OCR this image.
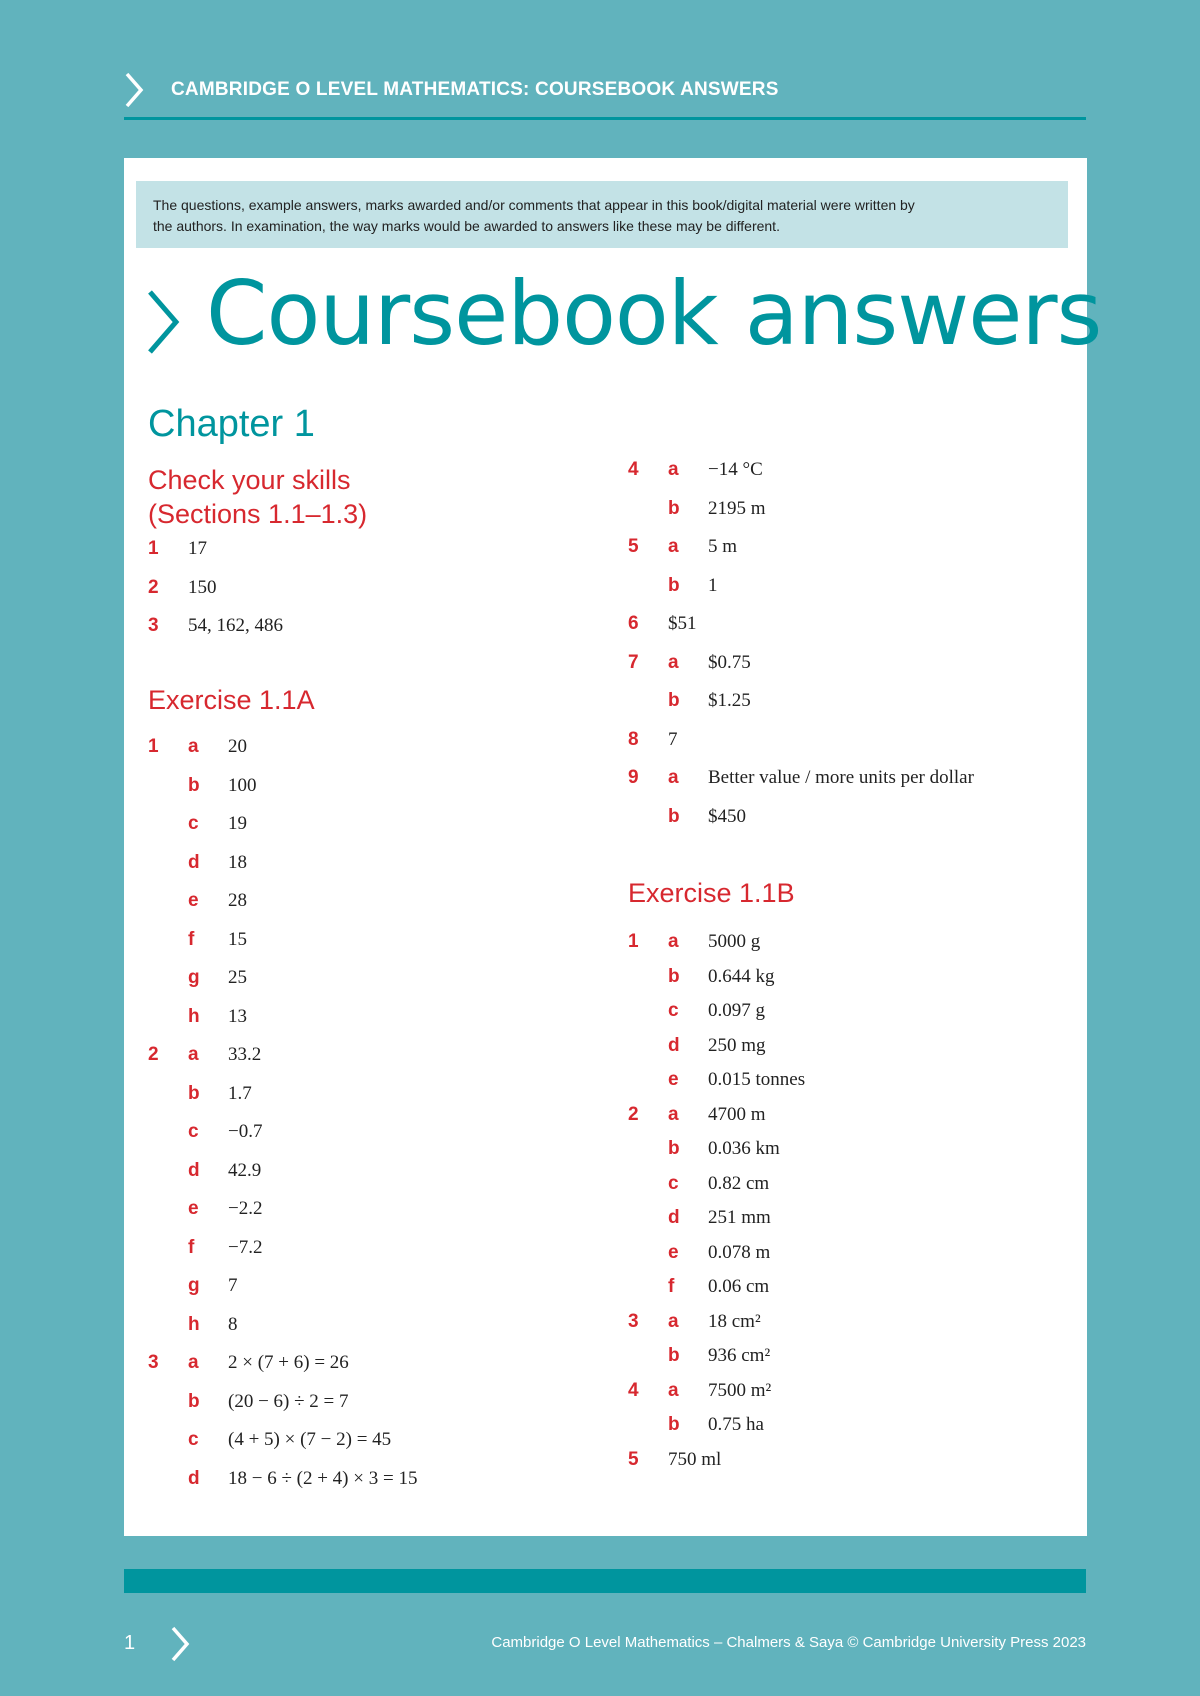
CAMBRIDGE O LEVEL MATHEMATICS: COURSEBOOK ANSWERS
The questions, example answers, marks awarded and/or comments that appear in this book/digital material were written by
the authors. In examination, the way marks would be awarded to answers like these may be different.
Coursebook answers
Chapter 1
Check your skills
(Sections 1.1–1.3)
1 17
2 150
3 54, 162, 486
Exercise 1.1A
1 a 20
b 100
c 19
d 18
e 28
f 15
g 25
h 13
2 a 33.2
b 1.7
c −0.7
d 42.9
e −2.2
f −7.2
g 7
h 8
3 a 2 × (7 + 6) = 26
b (20 − 6) ÷ 2 = 7
c (4 + 5) × (7 − 2) = 45
d 18 − 6 ÷ (2 + 4) × 3 = 15
4 a −14 °C
b 2195 m
5 a 5 m
b 1
6 $51
7 a $0.75
b $1.25
8 7
9 a Better value / more units per dollar
b $450
Exercise 1.1B
1 a 5000 g
b 0.644 kg
c 0.097 g
d 250 mg
e 0.015 tonnes
2 a 4700 m
b 0.036 km
c 0.82 cm
d 251 mm
e 0.078 m
f 0.06 cm
3 a 18 cm²
b 936 cm²
4 a 7500 m²
b 0.75 ha
5 750 ml
1	Cambridge O Level Mathematics – Chalmers & Saya © Cambridge University Press 2023
